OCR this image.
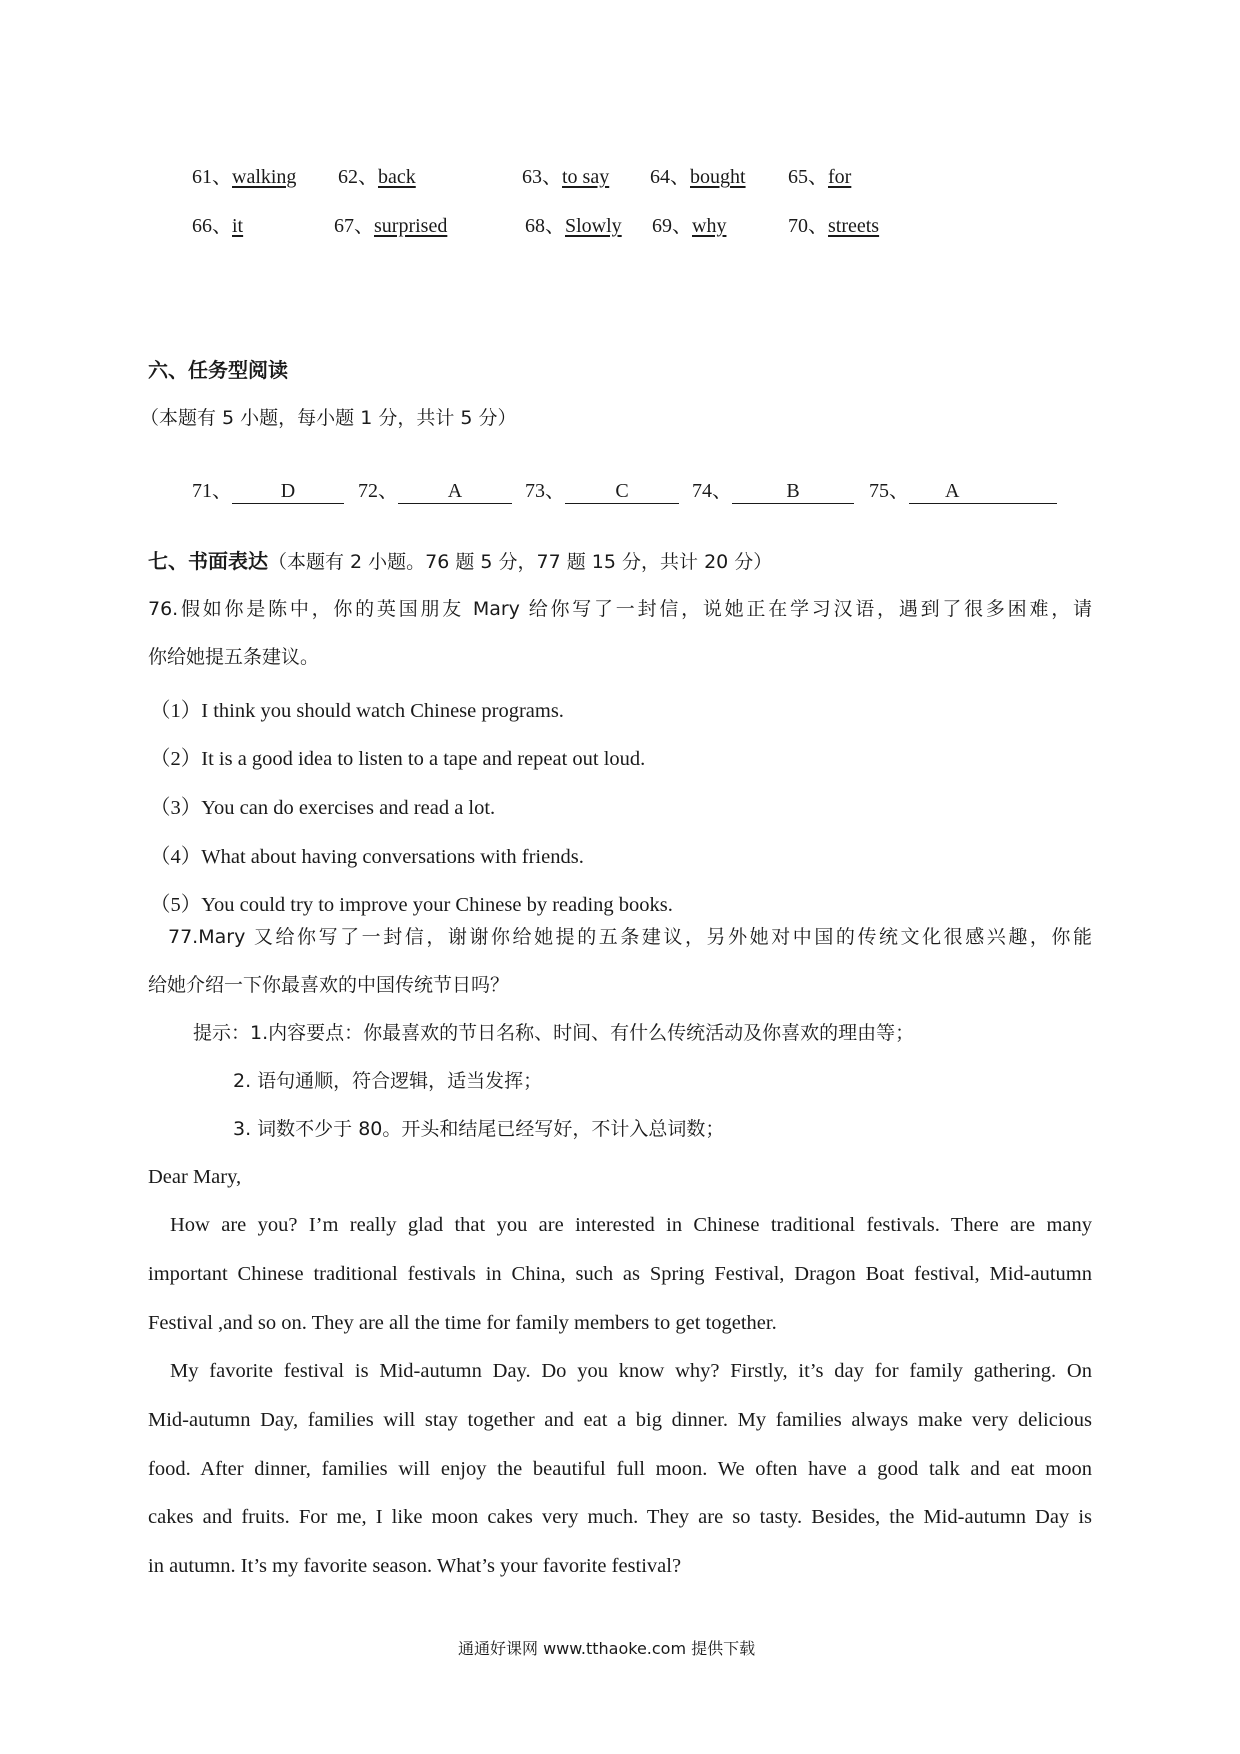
61、walking 62、back	63、to say 64、bought 65、for
66、it	67、surprised	68、Slowly 69、why	70、streets
六、任务型阅读
（本题有 5 小题，每小题 1 分，共计 5 分）
71、 D	72、 A	73、	C	74、	B	75、 A
七、书面表达（本题有 2 小题。76 题 5 分，77 题 15 分，共计 20 分）
76.假如你是陈中，你的英国朋友 Mary 给你写了一封信，说她正在学习汉语，遇到了很多困难，请
你给她提五条建议。
（1）I think you should watch Chinese programs.
（2）It is a good idea to listen to a tape and repeat out loud.
（3）You can do exercises and read a lot.
（4）What about having conversations with friends.
（5）You could try to improve your Chinese by reading books.
77.Mary 又给你写了一封信，谢谢你给她提的五条建议，另外她对中国的传统文化很感兴趣，你能
给她介绍一下你最喜欢的中国传统节日吗？
提示：1.内容要点：你最喜欢的节日名称、时间、有什么传统活动及你喜欢的理由等；
2. 语句通顺，符合逻辑，适当发挥；
3. 词数不少于 80。开头和结尾已经写好，不计入总词数；
Dear Mary,
How are you? I’m really glad that you are interested in Chinese traditional festivals. There are many
important Chinese traditional festivals in China, such as Spring Festival, Dragon Boat festival, Mid-autumn
Festival ,and so on. They are all the time for family members to get together.
My favorite festival is Mid-autumn Day. Do you know why? Firstly, it’s day for family gathering. On
Mid-autumn Day, families will stay together and eat a big dinner. My families always make very delicious
food. After dinner, families will enjoy the beautiful full moon. We often have a good talk and eat moon
cakes and fruits. For me, I like moon cakes very much. They are so tasty. Besides, the Mid-autumn Day is
in autumn. It’s my favorite season. What’s your favorite festival?
通通好课网 www.tthaoke.com 提供下载
